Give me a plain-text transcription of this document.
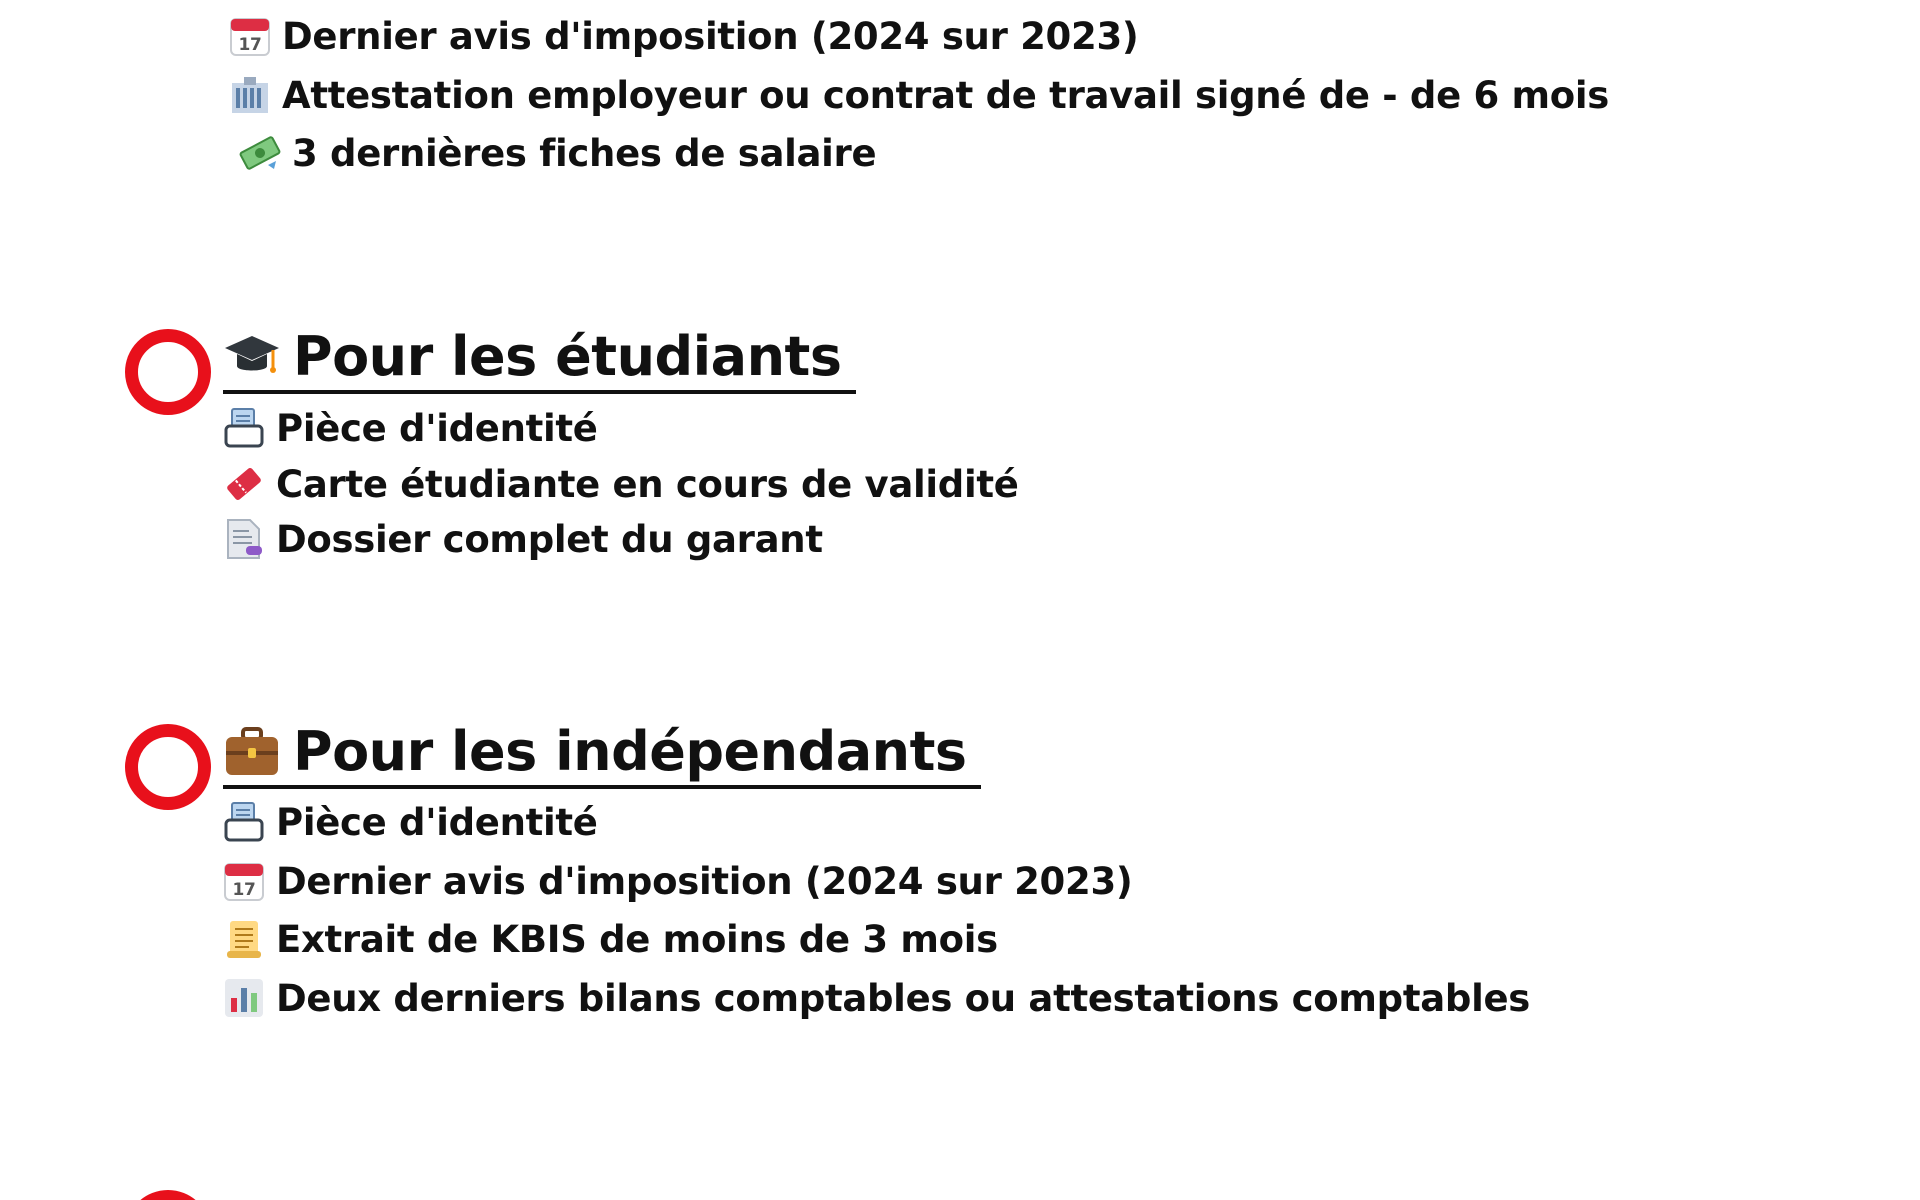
17 Dernier avis d'imposition (2024 sur 2023)
Attestation employeur ou contrat de travail signé de - de 6 mois
3 dernières fiches de salaire
Pour les étudiants
Pièce d'identité
Carte étudiante en cours de validité
Dossier complet du garant
Pour les indépendants
Pièce d'identité
17 Dernier avis d'imposition (2024 sur 2023)
Extrait de KBIS de moins de 3 mois
Deux derniers bilans comptables ou attestations comptables
